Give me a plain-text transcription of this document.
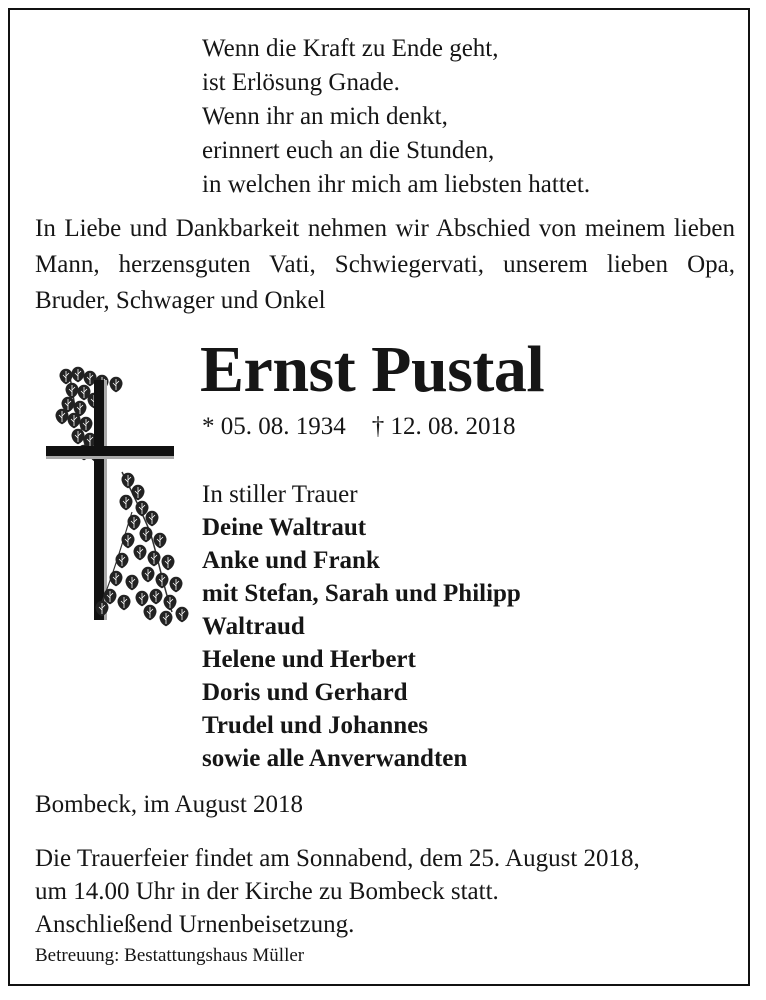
Wenn die Kraft zu Ende geht,
ist Erlösung Gnade.
Wenn ihr an mich denkt,
erinnert euch an die Stunden,
in welchen ihr mich am liebsten hattet.
In Liebe und Dankbarkeit nehmen wir Abschied von meinem lieben Mann, herzensguten Vati, Schwiegervati, unserem lieben Opa, Bruder, Schwager und Onkel
Ernst Pustal
* 05. 08. 1934 † 12. 08. 2018
In stiller Trauer
Deine Waltraut
Anke und Frank
mit Stefan, Sarah und Philipp
Waltraud
Helene und Herbert
Doris und Gerhard
Trudel und Johannes
sowie alle Anverwandten
Bombeck, im August 2018
Die Trauerfeier findet am Sonnabend, dem 25. August 2018,
um 14.00 Uhr in der Kirche zu Bombeck statt.
Anschließend Urnenbeisetzung.
Betreuung: Bestattungshaus Müller
